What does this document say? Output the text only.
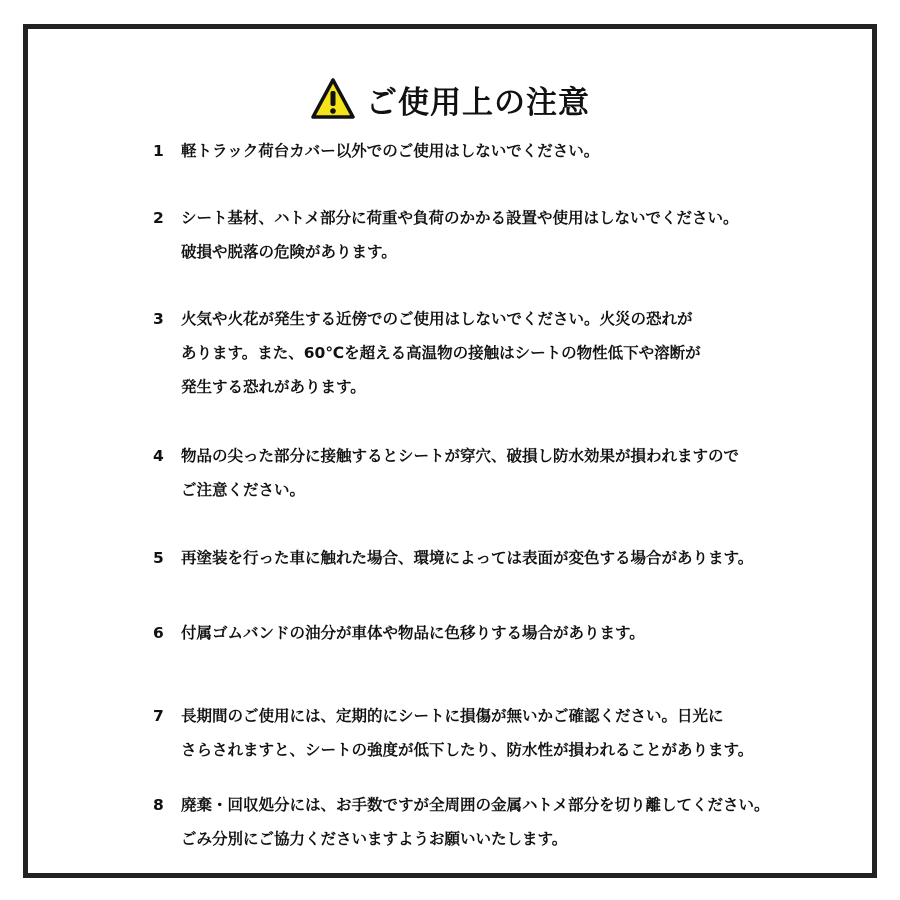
ご使用上の注意
1	軽トラック荷台カバー以外でのご使用はしないでください。
2	シート基材、ハトメ部分に荷重や負荷のかかる設置や使用はしないでください。
破損や脱落の危険があります。
3	火気や火花が発生する近傍でのご使用はしないでください。火災の恐れが
あります。また、60℃を超える高温物の接触はシートの物性低下や溶断が
発生する恐れがあります。
4	物品の尖った部分に接触するとシートが穿穴、破損し防水効果が損われますので
ご注意ください。
5	再塗装を行った車に触れた場合、環境によっては表面が変色する場合があります。
6	付属ゴムバンドの油分が車体や物品に色移りする場合があります。
7	長期間のご使用には、定期的にシートに損傷が無いかご確認ください。日光に
さらされますと、シートの強度が低下したり、防水性が損われることがあります。
8	廃棄・回収処分には、お手数ですが全周囲の金属ハトメ部分を切り離してください。
ごみ分別にご協力くださいますようお願いいたします。
